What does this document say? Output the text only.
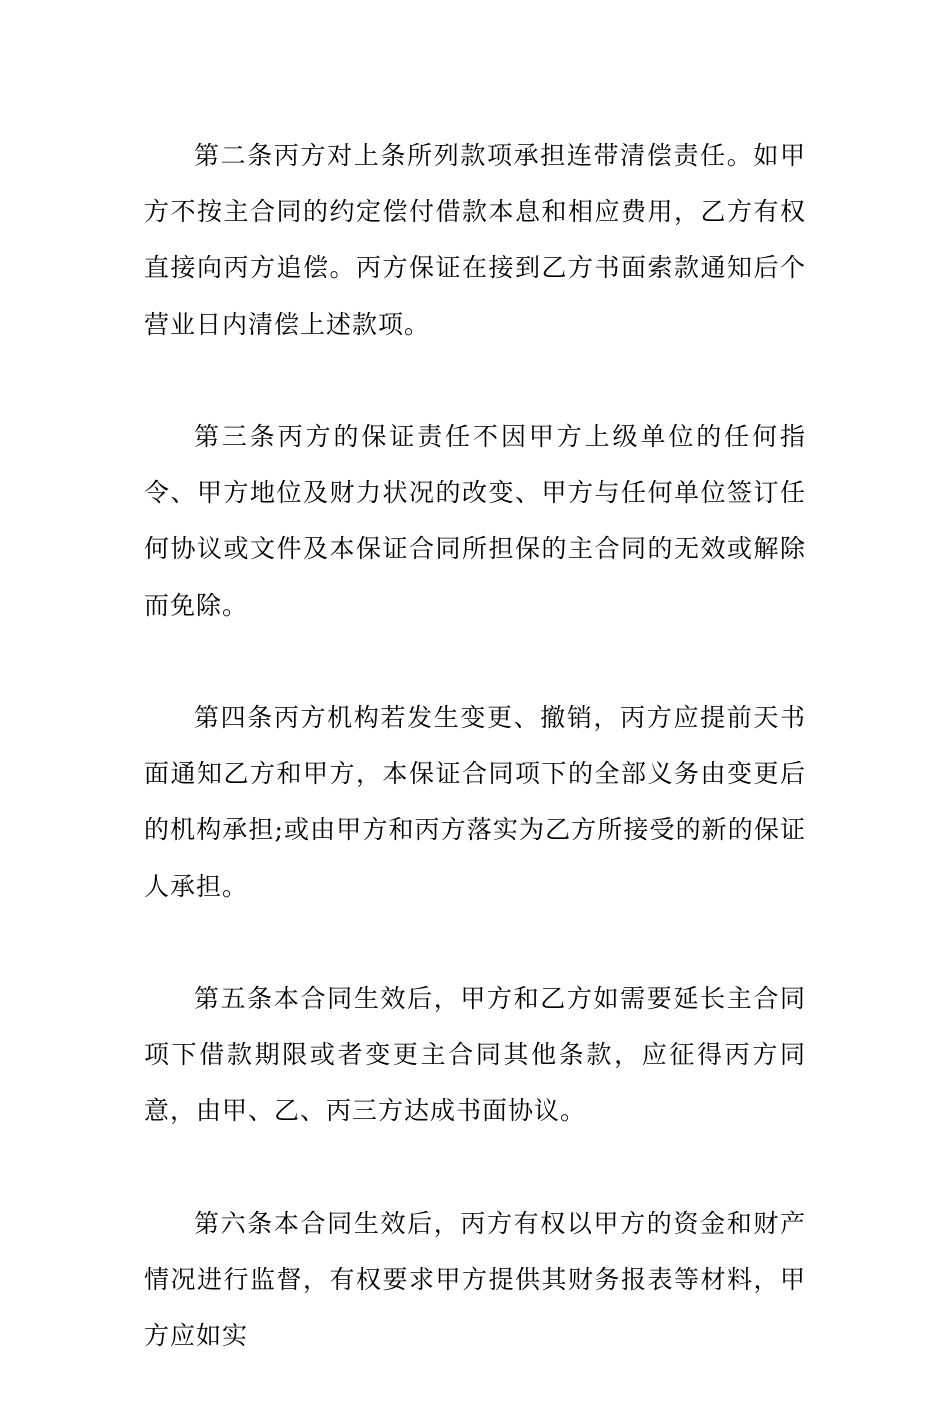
第二条丙方对上条所列款项承担连带清偿责任。如甲方不按主合同的约定偿付借款本息和相应费用，乙方有权直接向丙方追偿。丙方保证在接到乙方书面索款通知后个营业日内清偿上述款项。

第三条丙方的保证责任不因甲方上级单位的任何指令、甲方地位及财力状况的改变、甲方与任何单位签订任何协议或文件及本保证合同所担保的主合同的无效或解除而免除。

第四条丙方机构若发生变更、撤销，丙方应提前天书面通知乙方和甲方，本保证合同项下的全部义务由变更后的机构承担;或由甲方和丙方落实为乙方所接受的新的保证人承担。

第五条本合同生效后，甲方和乙方如需要延长主合同项下借款期限或者变更主合同其他条款，应征得丙方同意，由甲、乙、丙三方达成书面协议。

第六条本合同生效后，丙方有权以甲方的资金和财产情况进行监督，有权要求甲方提供其财务报表等材料，甲方应如实
